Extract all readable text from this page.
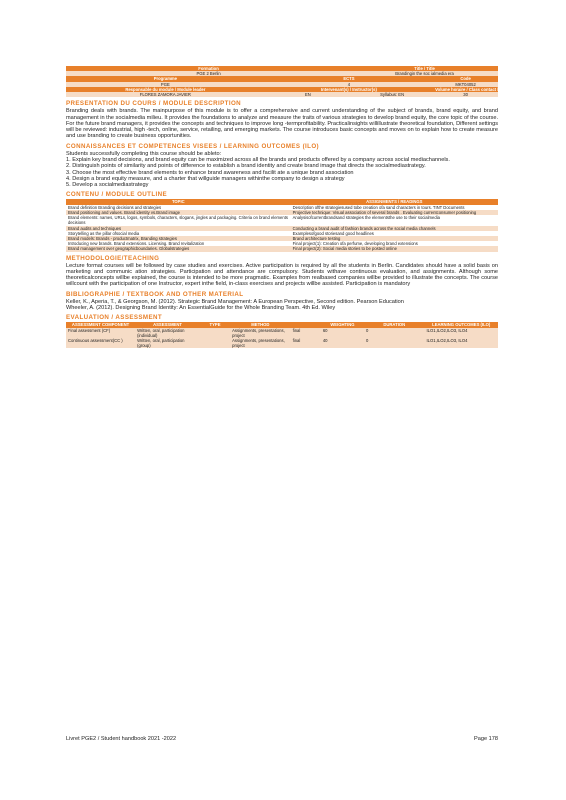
Formation		Title / Title	
PGE 2 Berlin		Brandingin the soc ialmedia era	
Programme	ECTS		Code
PGE	4		MKT04052
Responsable du module / Module leader	Intervenant(s) / Instructor(s)		Volume horaire / Class contact hours
FLORES ZAMORA JAVIER	EN	Syllabus: EN	30
PRESENTATION DU COURS / MODULE DESCRIPTION
Branding deals with brands. The mainpurpose of this module is to offer a comprehensive and current understanding of the subject of brands, brand equity, and brand management in the socialmedia milieu. It provides the foundations to analyze and measure the traits of various strategies to develop brand equity, the core topic of the course. For the future brand managers, it provides the concepts and techniques to improve long -termprofitability. Practicalinsights willillustrate theoretical foundation, Different settings will be reviewed: industrial, high -tech, online, service, retailing, and emerging markets. The course introduces basic concepts and moves on to explain how to create measure and use branding to create business opportunities.
CONNAISSANCES ET COMPETENCES VISEES / LEARNING OUTCOMES (ILO)
Students successfully completing this course should be ableto:
1. Explain key brand decisions, and brand equity can be maximized across all the brands and products offered by a company across social mediachannels.
2. Distinguish points of similarity and points of difference to establish a brand identity and create brand image that directs the socialmediastrategy.
3. Choose the most effective brand elements to enhance brand awareness and facilit ate a unique brand association
4. Design a brand equity measure, and a charter that willguide managers withinthe company to design a strategy
5. Develop a socialmediastrategy
CONTENU / MODULE OUTLINE
TOPIC	ASSIGNMENTS / READINGS
Brand definition Branding decisions and strategies	Description ofthe strategiesused tobe creation ofa sand characters in tours. TINT Documents
Brand positioning and values. Brand identity vs.Brand image	Projective technique: Visual association of several brands . Evaluating currentconsumer positioning
Brand elements: names, URLs, logos, symbols, characters, slogans, jingles and packaging. Criteria on brand elements decisions	Analysisofcurrentbrandsand strategies the elementsthe use to their socialmedia
Brand audits and techniques	Conducting a brand audit of fashion brands across the social media channels
Storytelling as the pillar ofsocial media	Examplesofgood storiesand good headlines
Brand models: Brands - productmatrix, Branding strategies	Brand architecture testing
Introducing new brands. Brand extensions. Licensing. Brand revitalization	Final project(1): Creation ofa perfume, developing brand extensions
Brand management over geographicboundaries. Globalstrategies	Final project(2): Social media stories to be posted online
METHODOLOGIE/TEACHING
Lecture format courses will be followed by case studies and exercises. Active participation is required by all the students in Berlin. Candidates should have a solid basis on marketing and communic ation strategies. Participation and attendance are compulsory. Students withave continuous evaluation, and assignments. Although some theoreticalconcepts willbe explained, the course is intended to be more pragmatic. Examples from realbased companies willbe provided to illustrate the concepts. The course willcount with the participation of one Instructor, expert inthe field, in-class exercises and projects willbe assisted. Participation is mandatory
BIBLIOGRAPHIE / TEXTBOOK AND OTHER MATERIAL
Keller, K., Aperia, T., & Georgson, M. (2012). Strategic Brand Management: A European Perspective, Second edition. Pearson Education
Wheeler, A. (2012). Designing Brand Identity: An EssentialGuide for the Whole Branding Team. 4th Ed. Wiley
EVALUATION / ASSESSMENT
ASSESSMENT COMPONENT	ASSESSMENT	TYPE	METHOD		WEIGHTING	DURATION	LEARNING OUTCOMES (ILO)
Final assessment (CF)	Written, oral, participation (individual)		Assignments, presentations, project	final	60	0	ILO1,ILO2,ILO3, ILO4
Continuous assessment(CC )	Written, oral, participation (group)		Assignments, presentations, project	final	40	0	ILO1,ILO2,ILO3, ILO4
Livret PGE2 / Student handbook 2021 -2022	Page 178
